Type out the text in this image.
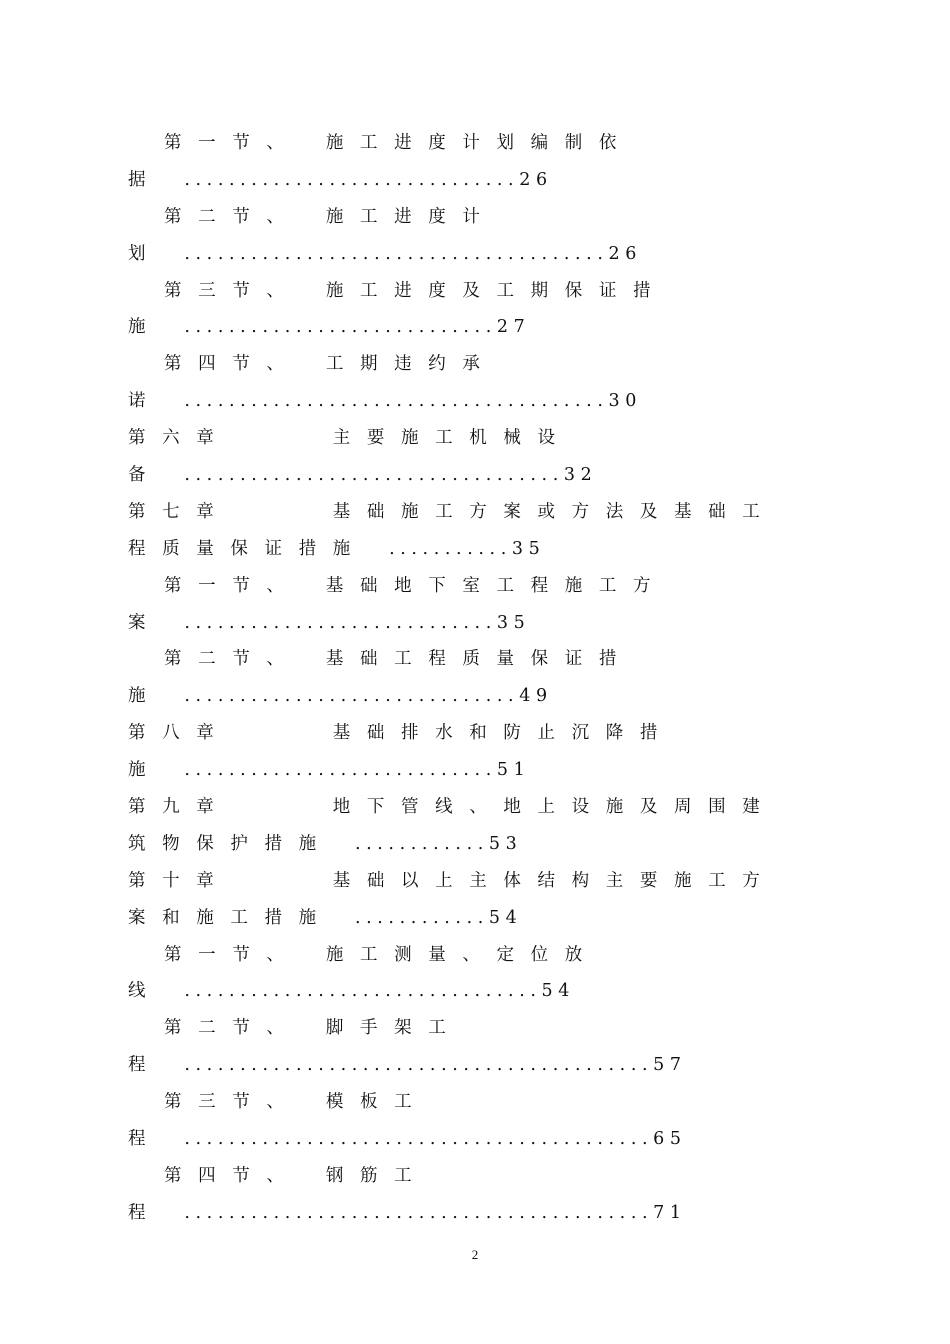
第一节、　施工进度计划编制依
据 ..............................26
第二节、　施工进度计
划 ......................................26
第三节、　施工进度及工期保证措
施 ............................27
第四节、　工期违约承
诺 ......................................30
第六章　　　主要施工机械设
备 ..................................32
第七章　　　基础施工方案或方法及基础工
程质量保证措施 ...........35
第一节、　基础地下室工程施工方
案 ............................35
第二节、　基础工程质量保证措
施 ..............................49
第八章　　　基础排水和防止沉降措
施 ............................51
第九章　　　地下管线、地上设施及周围建
筑物保护措施 ............53
第十章　　　基础以上主体结构主要施工方
案和施工措施 ............54
第一节、　施工测量、定位放
线 ................................54
第二节、　脚手架工
程 ..........................................57
第三节、　模板工
程 ..........................................65
第四节、　钢筋工
程 ..........................................71
2
